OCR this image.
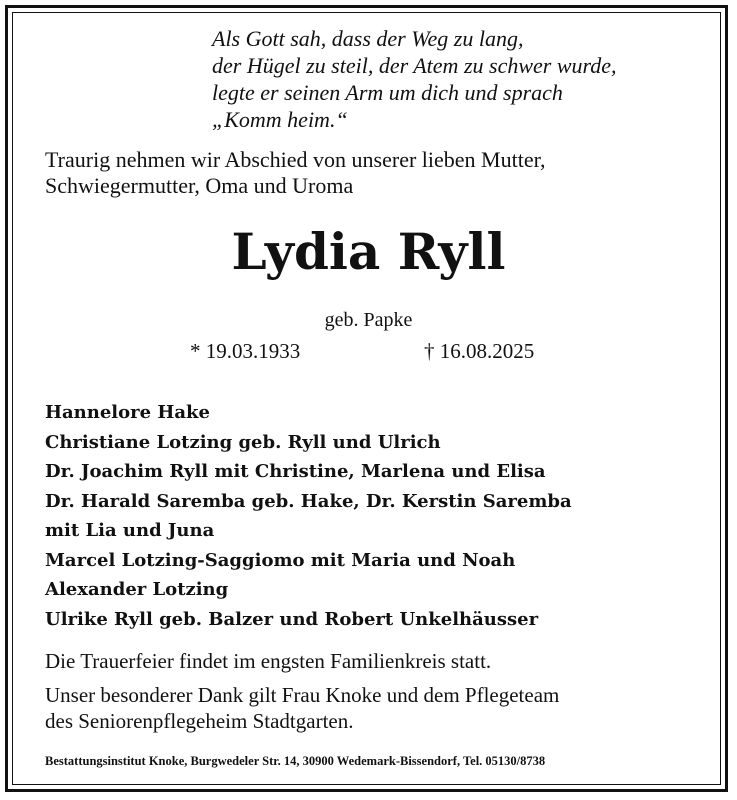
Als Gott sah, dass der Weg zu lang,
der Hügel zu steil, der Atem zu schwer wurde,
legte er seinen Arm um dich und sprach
„Komm heim.“
Traurig nehmen wir Abschied von unserer lieben Mutter,
Schwiegermutter, Oma und Uroma
Lydia Ryll
geb. Papke
* 19.03.1933	† 16.08.2025
Hannelore Hake
Christiane Lotzing geb. Ryll und Ulrich
Dr. Joachim Ryll mit Christine, Marlena und Elisa
Dr. Harald Saremba geb. Hake, Dr. Kerstin Saremba
mit Lia und Juna
Marcel Lotzing-Saggiomo mit Maria und Noah
Alexander Lotzing
Ulrike Ryll geb. Balzer und Robert Unkelhäusser
Die Trauerfeier findet im engsten Familienkreis statt.
Unser besonderer Dank gilt Frau Knoke und dem Pflegeteam
des Seniorenpflegeheim Stadtgarten.
Bestattungsinstitut Knoke, Burgwedeler Str. 14, 30900 Wedemark-Bissendorf, Tel. 05130/8738
